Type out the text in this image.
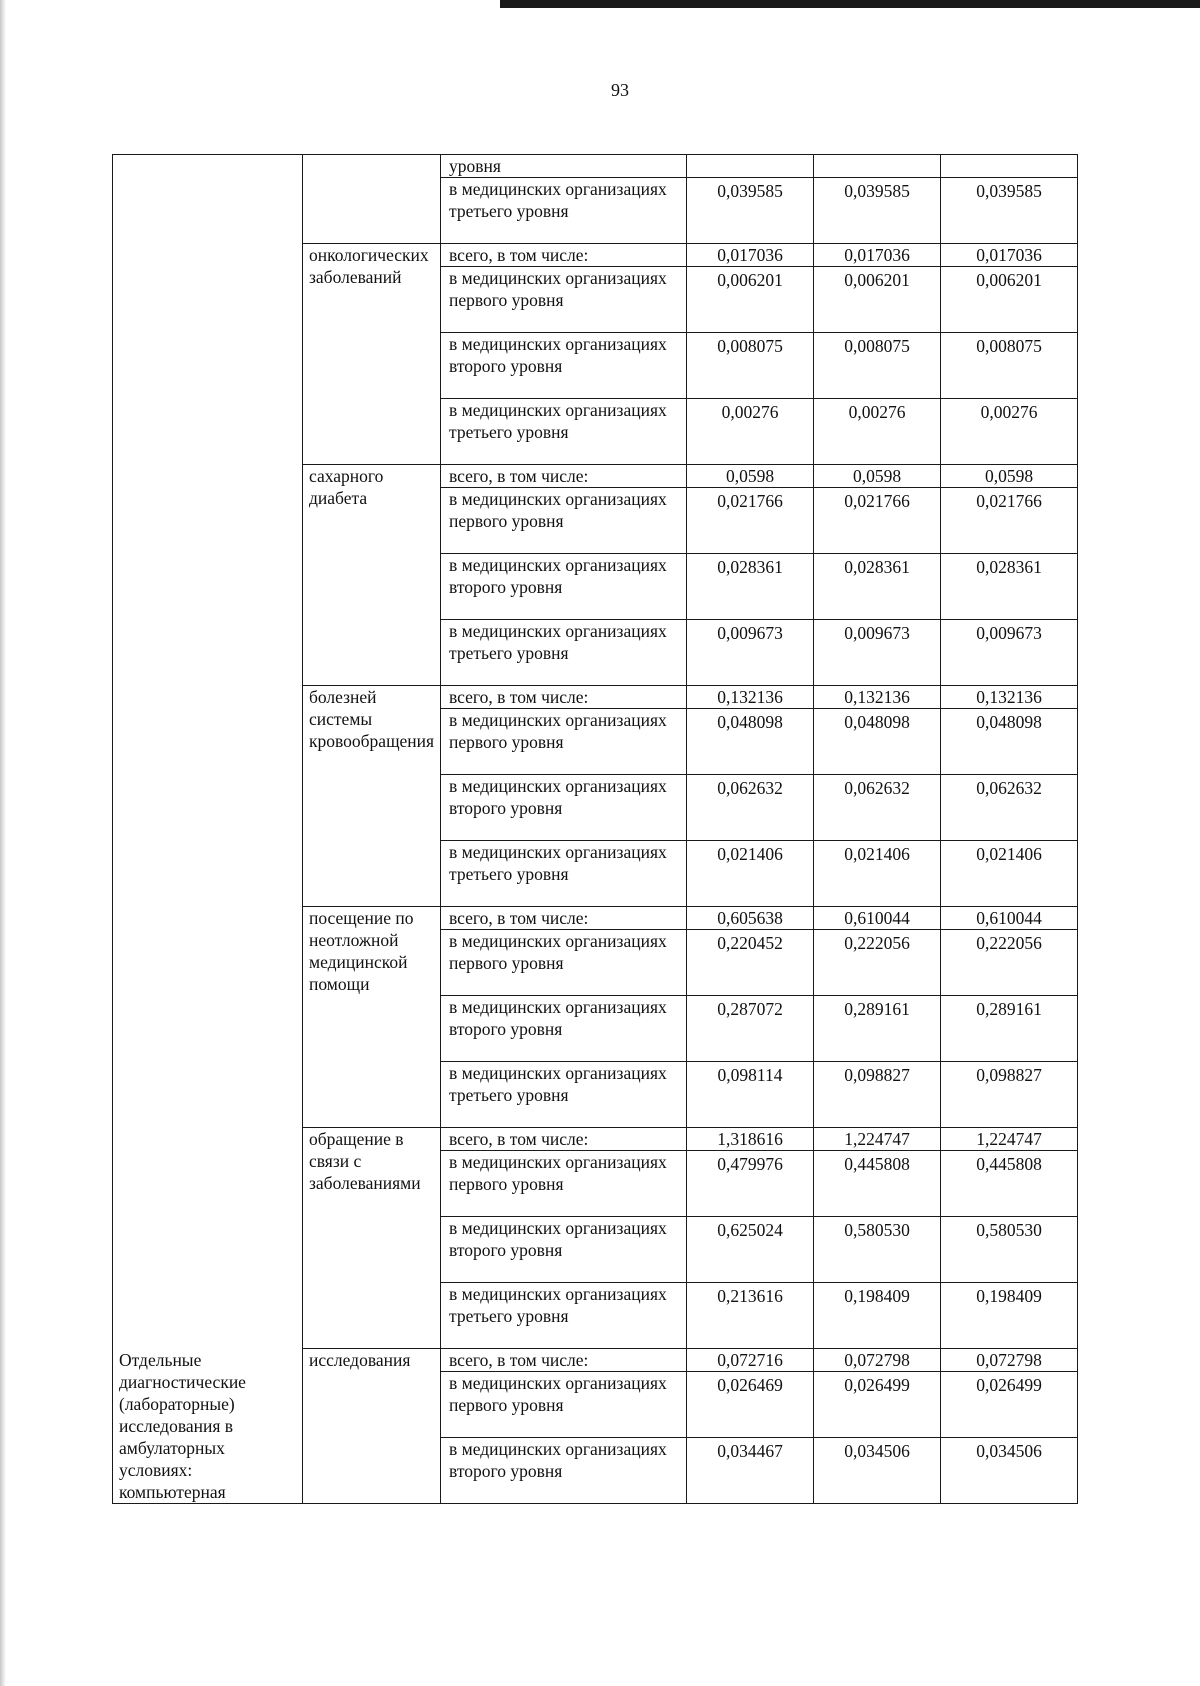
93
		уровня			
		в медицинских организациях третьего уровня	0,039585	0,039585	0,039585
	онкологических заболеваний	всего, в том числе:	0,017036	0,017036	0,017036
		в медицинских организациях первого уровня	0,006201	0,006201	0,006201
		в медицинских организациях второго уровня	0,008075	0,008075	0,008075
		в медицинских организациях третьего уровня	0,00276	0,00276	0,00276
	сахарного диабета	всего, в том числе:	0,0598	0,0598	0,0598
		в медицинских организациях первого уровня	0,021766	0,021766	0,021766
		в медицинских организациях второго уровня	0,028361	0,028361	0,028361
		в медицинских организациях третьего уровня	0,009673	0,009673	0,009673
	болезней системы кровообращения	всего, в том числе:	0,132136	0,132136	0,132136
		в медицинских организациях первого уровня	0,048098	0,048098	0,048098
		в медицинских организациях второго уровня	0,062632	0,062632	0,062632
		в медицинских организациях третьего уровня	0,021406	0,021406	0,021406
	посещение по неотложной медицинской помощи	всего, в том числе:	0,605638	0,610044	0,610044
		в медицинских организациях первого уровня	0,220452	0,222056	0,222056
		в медицинских организациях второго уровня	0,287072	0,289161	0,289161
		в медицинских организациях третьего уровня	0,098114	0,098827	0,098827
	обращение в связи с заболеваниями	всего, в том числе:	1,318616	1,224747	1,224747
		в медицинских организациях первого уровня	0,479976	0,445808	0,445808
		в медицинских организациях второго уровня	0,625024	0,580530	0,580530
		в медицинских организациях третьего уровня	0,213616	0,198409	0,198409
Отдельные диагностические (лабораторные) исследования в амбулаторных условиях: компьютерная	исследования	всего, в том числе:	0,072716	0,072798	0,072798
		в медицинских организациях первого уровня	0,026469	0,026499	0,026499
		в медицинских организациях второго уровня	0,034467	0,034506	0,034506
